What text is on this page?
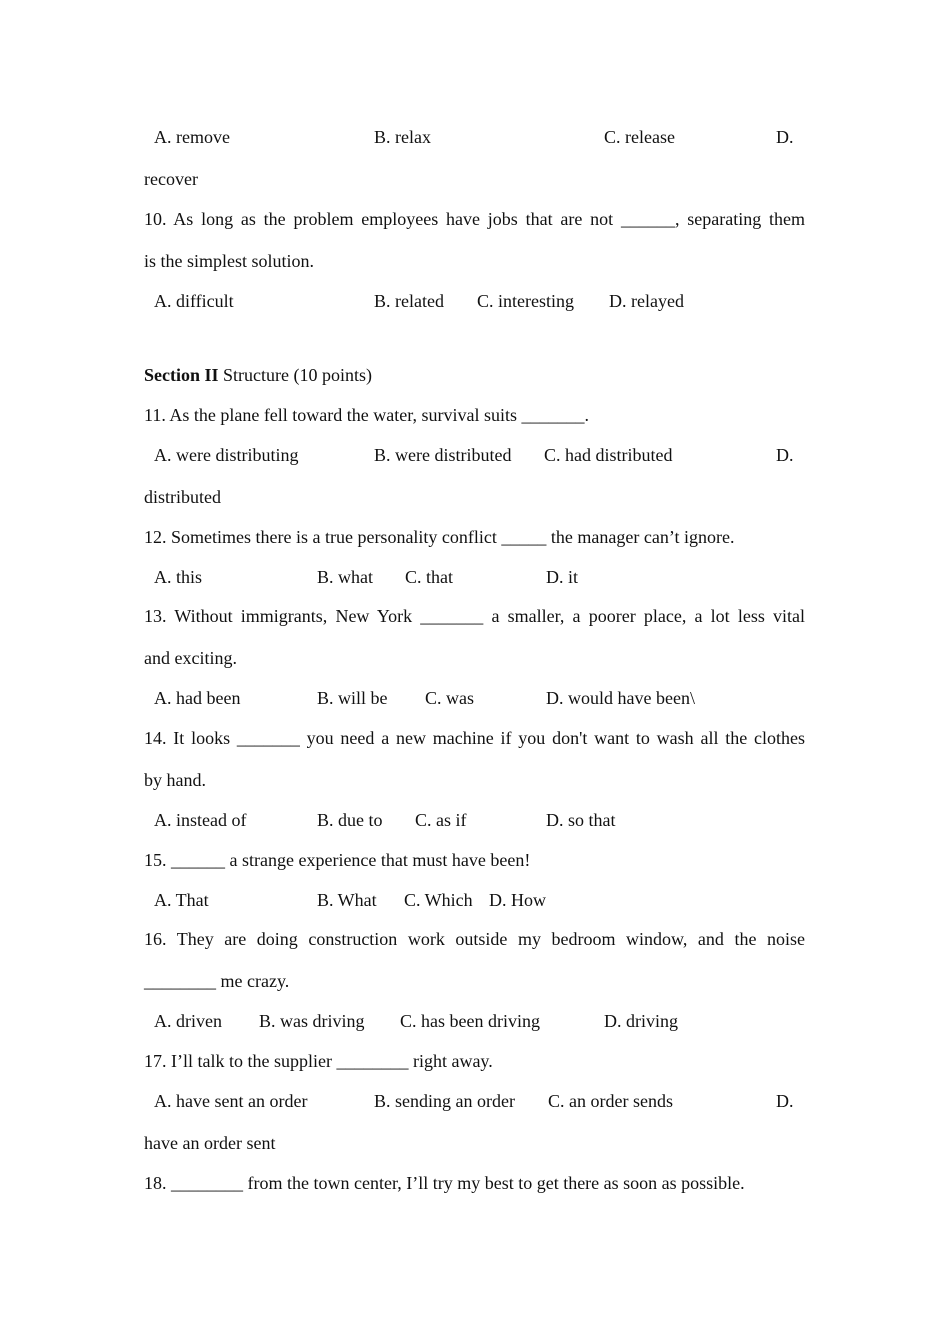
A. remove	B. relax	C. release	D.
recover
10. As long as the problem employees have jobs that are not ______, separating them
is the simplest solution.
A. difficult	B. related C. interesting D. relayed
Section II Structure (10 points)
11. As the plane fell toward the water, survival suits _______.
A. were distributing	B. were distributed C. had distributed	D.
distributed
12. Sometimes there is a true personality conflict _____ the manager can’t ignore.
A. this	B. what C. that	D. it
13. Without immigrants, New York _______ a smaller, a poorer place, a lot less vital
and exciting.
A. had been	B. will be C. was	D. would have been\
14. It looks _______ you need a new machine if you don't want to wash all the clothes
by hand.
A. instead of	B. due to C. as if	D. so that
15. ______ a strange experience that must have been!
A. That	B. What C. Which D. How
16. They are doing construction work outside my bedroom window, and the noise
________ me crazy.
A. driven B. was driving C. has been driving	D. driving
17. I’ll talk to the supplier ________ right away.
A. have sent an order	B. sending an order C. an order sends	D.
have an order sent
18. ________ from the town center, I’ll try my best to get there as soon as possible.
